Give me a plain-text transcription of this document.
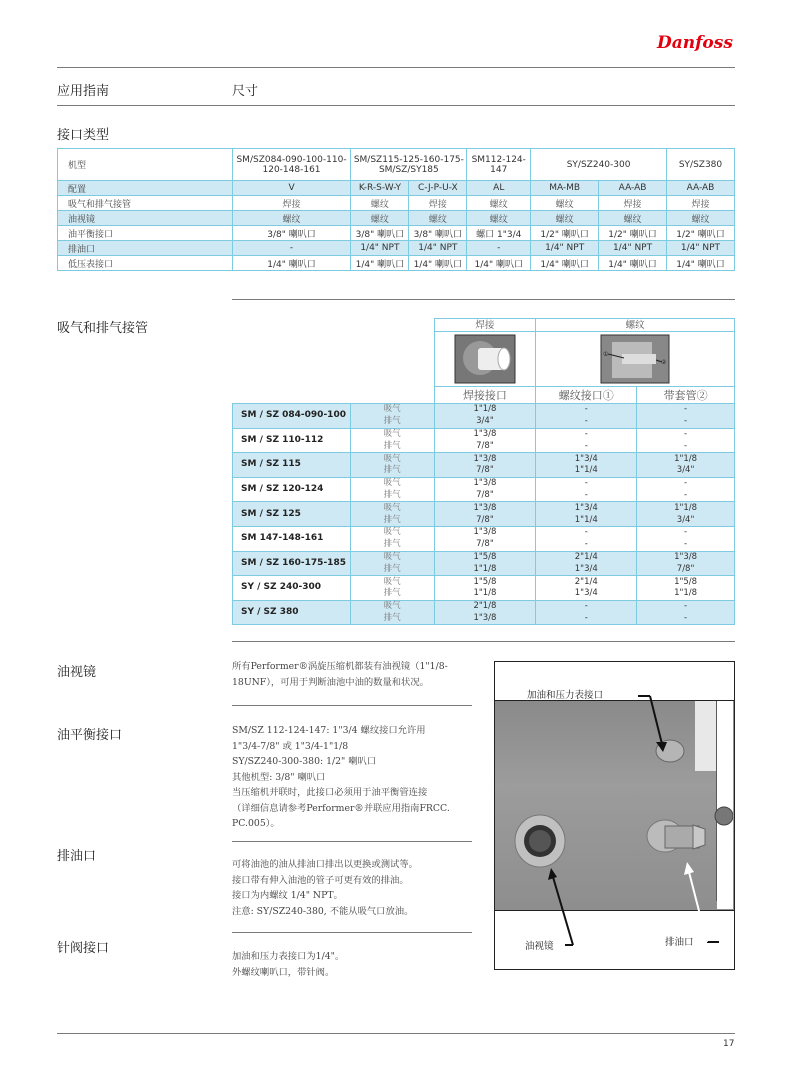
Danfoss
应用指南	尺寸
接口类型
机型	SM/SZ084-090-100-110-120-148-161	SM/SZ115-125-160-175-SM/SZ/SY185		SM112-124-147	SY/SZ240-300		SY/SZ380
配置	V	K-R-S-W-Y	C-J-P-U-X	AL	MA-MB	AA-AB	AA-AB
吸气和排气接管	焊接	螺纹	焊接	螺纹	螺纹	焊接	焊接
油视镜	螺纹	螺纹	螺纹	螺纹	螺纹	螺纹	螺纹
油平衡接口	3/8" 喇叭口	3/8" 喇叭口	3/8" 喇叭口	螺口 1"3/4	1/2" 喇叭口	1/2" 喇叭口	1/2" 喇叭口
排油口	-	1/4" NPT	1/4" NPT	-	1/4" NPT	1/4" NPT	1/4" NPT
低压表接口	1/4" 喇叭口	1/4" 喇叭口	1/4" 喇叭口	1/4" 喇叭口	1/4" 喇叭口	1/4" 喇叭口	1/4" 喇叭口
吸气和排气接管
		焊接	螺纹	

①
②	

		焊接接口	螺纹接口①	带套管②
SM / SZ 084-090-100	吸气	1"1/8	-	-
	排气	3/4"	-	-
SM / SZ 110-112	吸气	1"3/8	-	-
	排气	7/8"	-	-
SM / SZ 115	吸气	1"3/8	1"3/4	1"1/8
	排气	7/8"	1"1/4	3/4"
SM / SZ 120-124	吸气	1"3/8	-	-
	排气	7/8"	-	-
SM / SZ 125	吸气	1"3/8	1"3/4	1"1/8
	排气	7/8"	1"1/4	3/4"
SM 147-148-161	吸气	1"3/8	-	-
	排气	7/8"	-	-
SM / SZ 160-175-185	吸气	1"5/8	2"1/4	1"3/8
	排气	1"1/8	1"3/4	7/8"
SY / SZ 240-300	吸气	1"5/8	2"1/4	1"5/8
	排气	1"1/8	1"3/4	1"1/8
SY / SZ 380	吸气	2"1/8	-	-
	排气	1"3/8	-	-
油视镜	所有Performer®涡旋压缩机都装有油视镜（1"1/8-
18UNF），可用于判断油池中油的数量和状况。
油平衡接口	SM/SZ 112-124-147: 1"3/4 螺纹接口允许用
1"3/4-7/8" 或 1"3/4-1"1/8
SY/SZ240-300-380: 1/2" 喇叭口
其他机型: 3/8" 喇叭口
当压缩机并联时，此接口必须用于油平衡管连接
（详细信息请参考Performer®并联应用指南FRCC.
PC.005）。
排油口
可将油池的油从排油口排出以更换或测试等。
接口带有伸入油池的管子可更有效的排油。
接口为内螺纹 1/4" NPT。
注意: SY/SZ240-380, 不能从吸气口放油。
针阀接口
加油和压力表接口为1/4"。
外螺纹喇叭口，带针阀。
加油和压力表接口
油视镜	排油口
17
